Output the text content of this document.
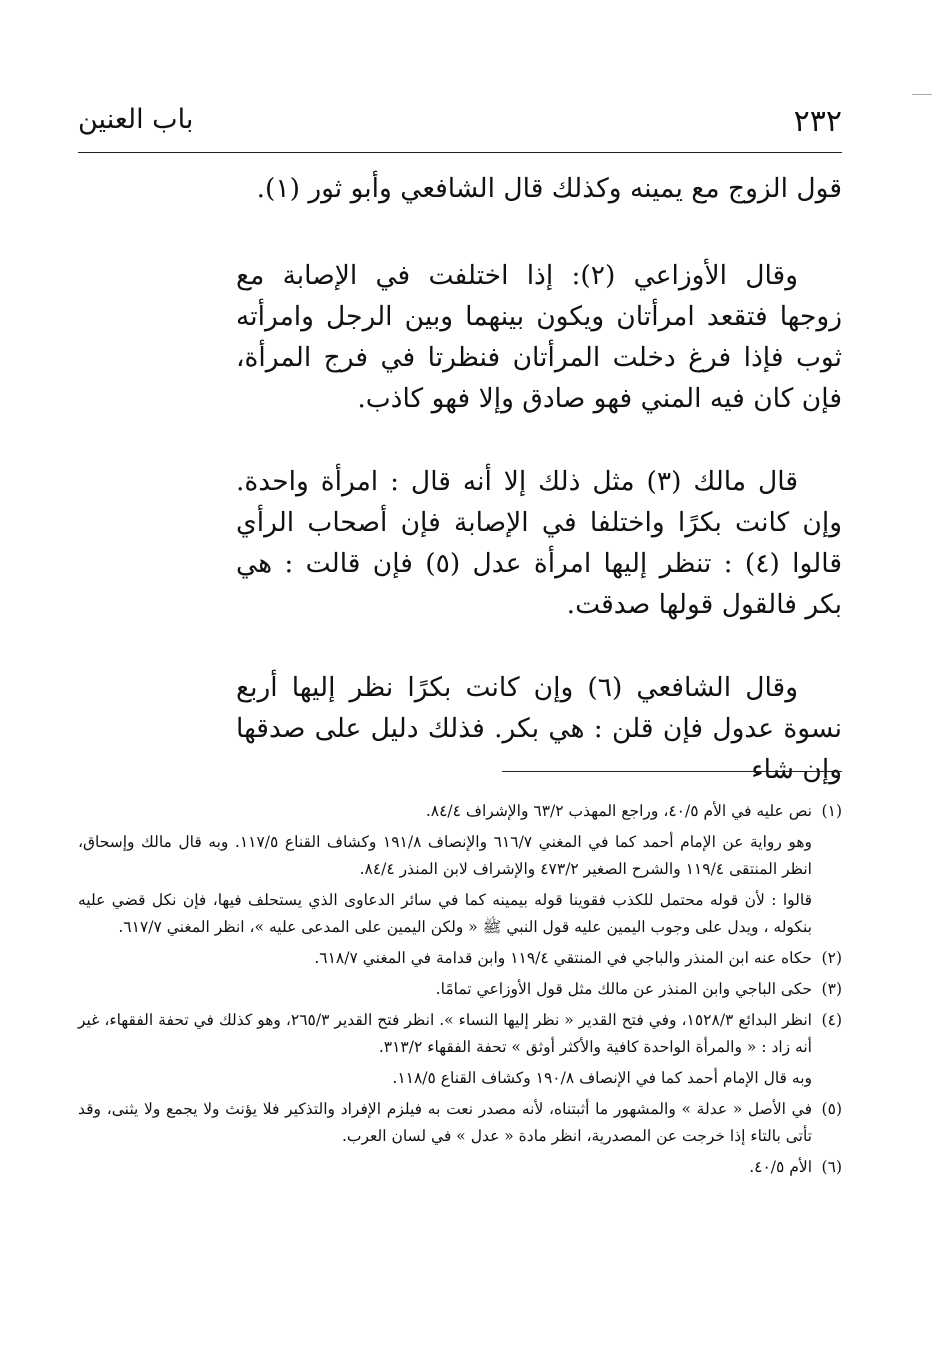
٢٣٢
باب العنين

قول الزوج مع يمينه وكذلك قال الشافعي وأبو ثور (١).

وقال الأوزاعي (٢): إذا اختلفت في الإصابة مع زوجها فتقعد امرأتان ويكون بينهما وبين الرجل وامرأته ثوب فإذا فرغ دخلت المرأتان فنظرتا في فرج المرأة، فإن كان فيه المني فهو صادق وإلا فهو كاذب.

قال مالك (٣) مثل ذلك إلا أنه قال : امرأة واحدة. وإن كانت بكرًا واختلفا في الإصابة فإن أصحاب الرأي قالوا (٤) : تنظر إليها امرأة عدل (٥) فإن قالت : هي بكر فالقول قولها صدقت.

وقال الشافعي (٦) وإن كانت بكرًا نظر إليها أربع نسوة عدول فإن قلن : هي بكر. فذلك دليل على صدقها وإن شاء

(١)
نص عليه في الأم ٤٠/٥، وراجع المهذب ٦٣/٢ والإشراف ٨٤/٤.

وهو رواية عن الإمام أحمد كما في المغني ٦١٦/٧ والإنصاف ١٩١/٨ وكشاف القناع ١١٧/٥. وبه قال مالك وإسحاق، انظر المنتقى ١١٩/٤ والشرح الصغير ٤٧٣/٢ والإشراف لابن المنذر ٨٤/٤.

قالوا : لأن قوله محتمل للكذب فقوينا قوله بيمينه كما في سائر الدعاوى الذي يستحلف فيها، فإن نكل قضي عليه بنكوله ، ويدل على وجوب اليمين عليه قول النبي ﷺ « ولكن اليمين على المدعى عليه »، انظر المغني ٦١٧/٧.

(٢)
حكاه عنه ابن المنذر والباجي في المنتقي ١١٩/٤ وابن قدامة في المغني ٦١٨/٧.
(٣)
حكى الباجي وابن المنذر عن مالك مثل قول الأوزاعي تمامًا.
(٤)
انظر البدائع ١٥٢٨/٣، وفي فتح القدير « نظر إليها النساء ». انظر فتح القدير ٢٦٥/٣، وهو كذلك في تحفة الفقهاء، غير أنه زاد : « والمرأة الواحدة كافية والأكثر أوثق » تحفة الفقهاء ٣١٣/٢.

وبه قال الإمام أحمد كما في الإنصاف ١٩٠/٨ وكشاف القناع ١١٨/٥.

(٥)
في الأصل « عدلة » والمشهور ما أثبتناه، لأنه مصدر نعت به فيلزم الإفراد والتذكير فلا يؤنث ولا يجمع ولا يثنى، وقد تأتى بالتاء إذا خرجت عن المصدرية، انظر مادة « عدل » في لسان العرب.
(٦)
الأم ٤٠/٥.
